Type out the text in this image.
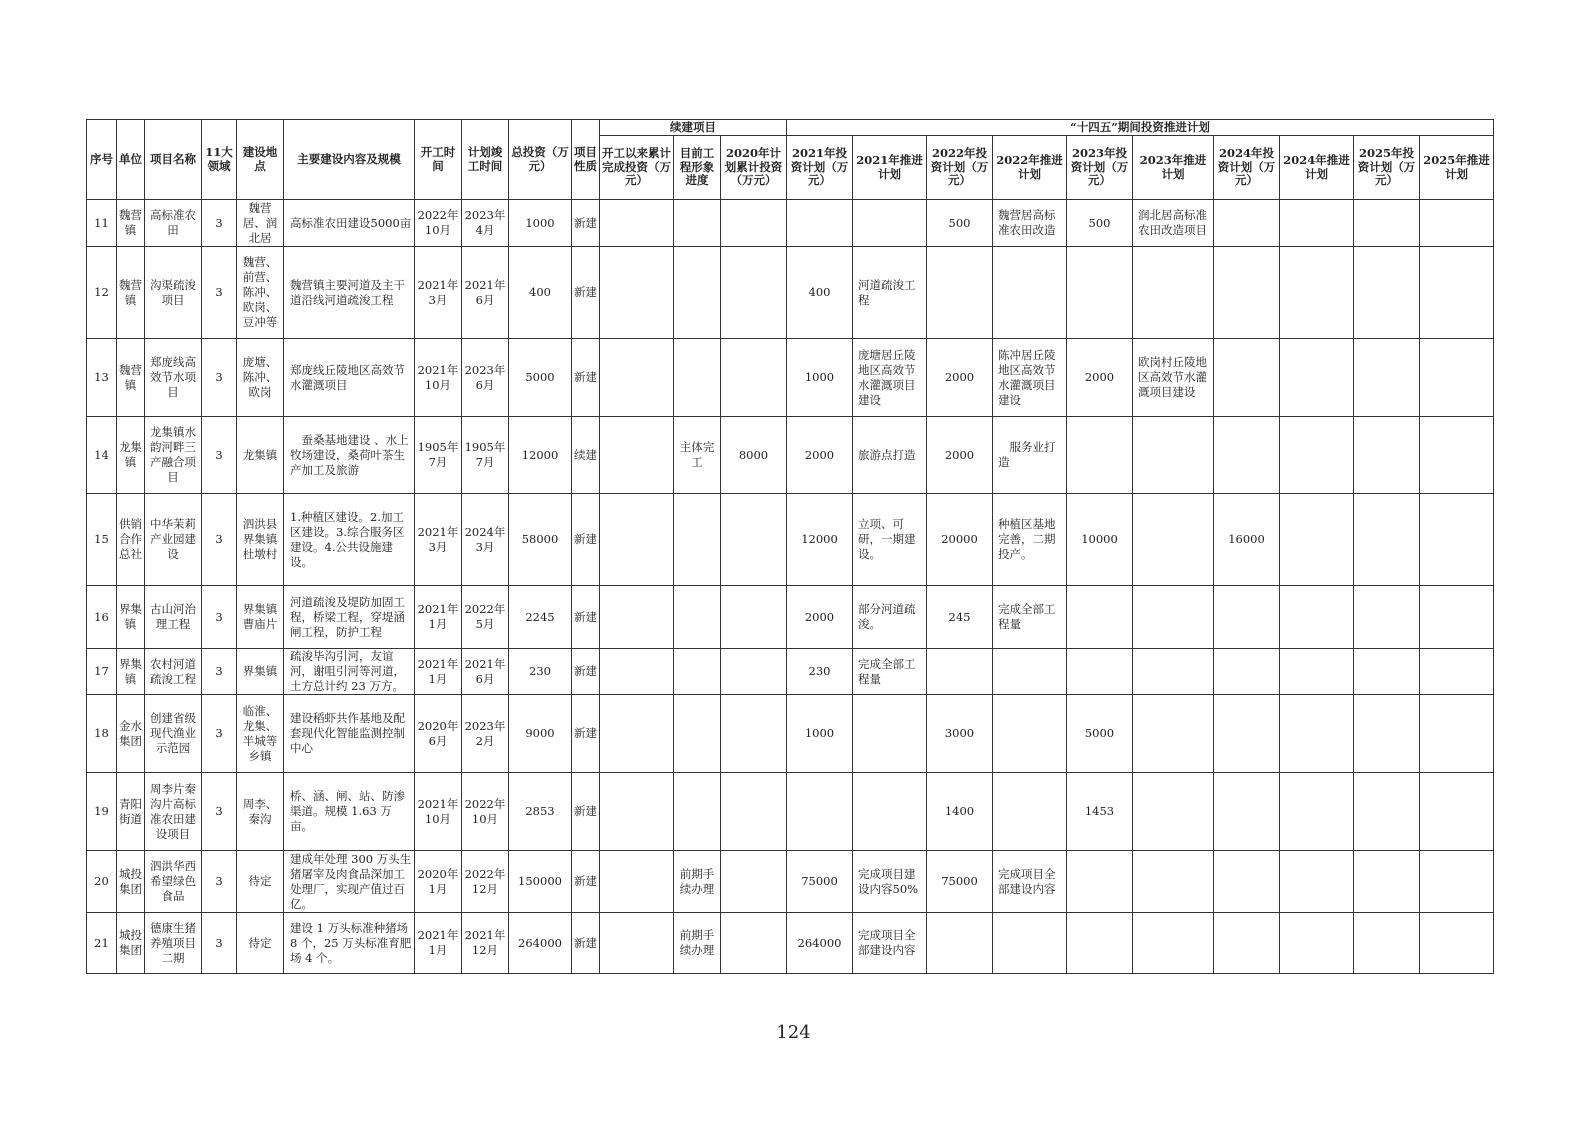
序号	单位	项目名称	11大领域	建设地点	主要建设内容及规模	开工时间	计划竣工时间	总投资（万元）	项目性质	续建项目			“十四五”期间投资推进计划									
										开工以来累计完成投资（万元）	目前工程形象进度	2020年计划累计投资（万元）	2021年投资计划（万元）	2021年推进计划	2022年投资计划（万元）	2022年推进计划	2023年投资计划（万元）	2023年推进计划	2024年投资计划（万元）	2024年推进计划	2025年投资计划（万元）	2025年推进计划
11	魏营镇	高标准农田	3	魏营居、润北居	高标准农田建设5000亩	2022年10月	2023年4月	1000	新建						500	魏营居高标准农田改造	500	润北居高标准农田改造项目				
12	魏营镇	沟渠疏浚项目	3	魏营、前营、陈冲、欧岗、豆冲等	魏营镇主要河道及主干道沿线河道疏浚工程	2021年3月	2021年6月	400	新建				400	河道疏浚工程								
13	魏营镇	郑庞线高效节水项目	3	庞塘、陈冲、欧岗	郑庞线丘陵地区高效节水灌溉项目	2021年10月	2023年6月	5000	新建				1000	庞塘居丘陵地区高效节水灌溉项目建设	2000	陈冲居丘陵地区高效节水灌溉项目建设	2000	欧岗村丘陵地区高效节水灌溉项目建设				
14	龙集镇	龙集镇水韵河畔三产融合项目	3	龙集镇	　蚕桑基地建设 、水上牧场建设，桑荷叶茶生产加工及旅游	1905年7月	1905年7月	12000	续建		主体完工	8000	2000	旅游点打造	2000	　服务业打造						
15	供销合作总社	中华茉莉产业园建设	3	泗洪县界集镇杜墩村	1.种植区建设。2.加工区建设。3.综合服务区建设。4.公共设施建设。	2021年3月	2024年3月	58000	新建				12000	立项、可研，一期建设。	20000	种植区基地完善，二期投产。	10000		16000			
16	界集镇	古山河治理工程	3	界集镇曹庙片	河道疏浚及堤防加固工程，桥梁工程，穿堤涵闸工程，防护工程	2021年1月	2022年5月	2245	新建				2000	部分河道疏浚。	245	完成全部工程量						
17	界集镇	农村河道疏浚工程	3	界集镇	疏浚毕沟引河，友谊河，谢咀引河等河道，土方总计约 23 万方。	2021年1月	2021年6月	230	新建				230	完成全部工程量								
18	金水集团	创建省级现代渔业示范园	3	临淮、龙集、半城等乡镇	建设稻虾共作基地及配套现代化智能监测控制中心	2020年6月	2023年2月	9000	新建				1000		3000		5000					
19	青阳街道	周李片秦沟片高标准农田建设项目	3	周李、秦沟	桥、涵、闸、站、防渗渠道。规模 1.63 万亩。	2021年10月	2022年10月	2853	新建						1400		1453					
20	城投集团	泗洪华西希望绿色食品	3	待定	建成年处理 300 万头生猪屠宰及肉食品深加工处理厂，实现产值过百亿。	2020年1月	2022年12月	150000	新建		前期手续办理		75000	完成项目建设内容50%	75000	完成项目全部建设内容						
21	城投集团	德康生猪养殖项目二期	3	待定	建设 1 万头标准种猪场 8 个，25 万头标准育肥场 4 个。	2021年1月	2021年12月	264000	新建		前期手续办理		264000	完成项目全部建设内容								
124
